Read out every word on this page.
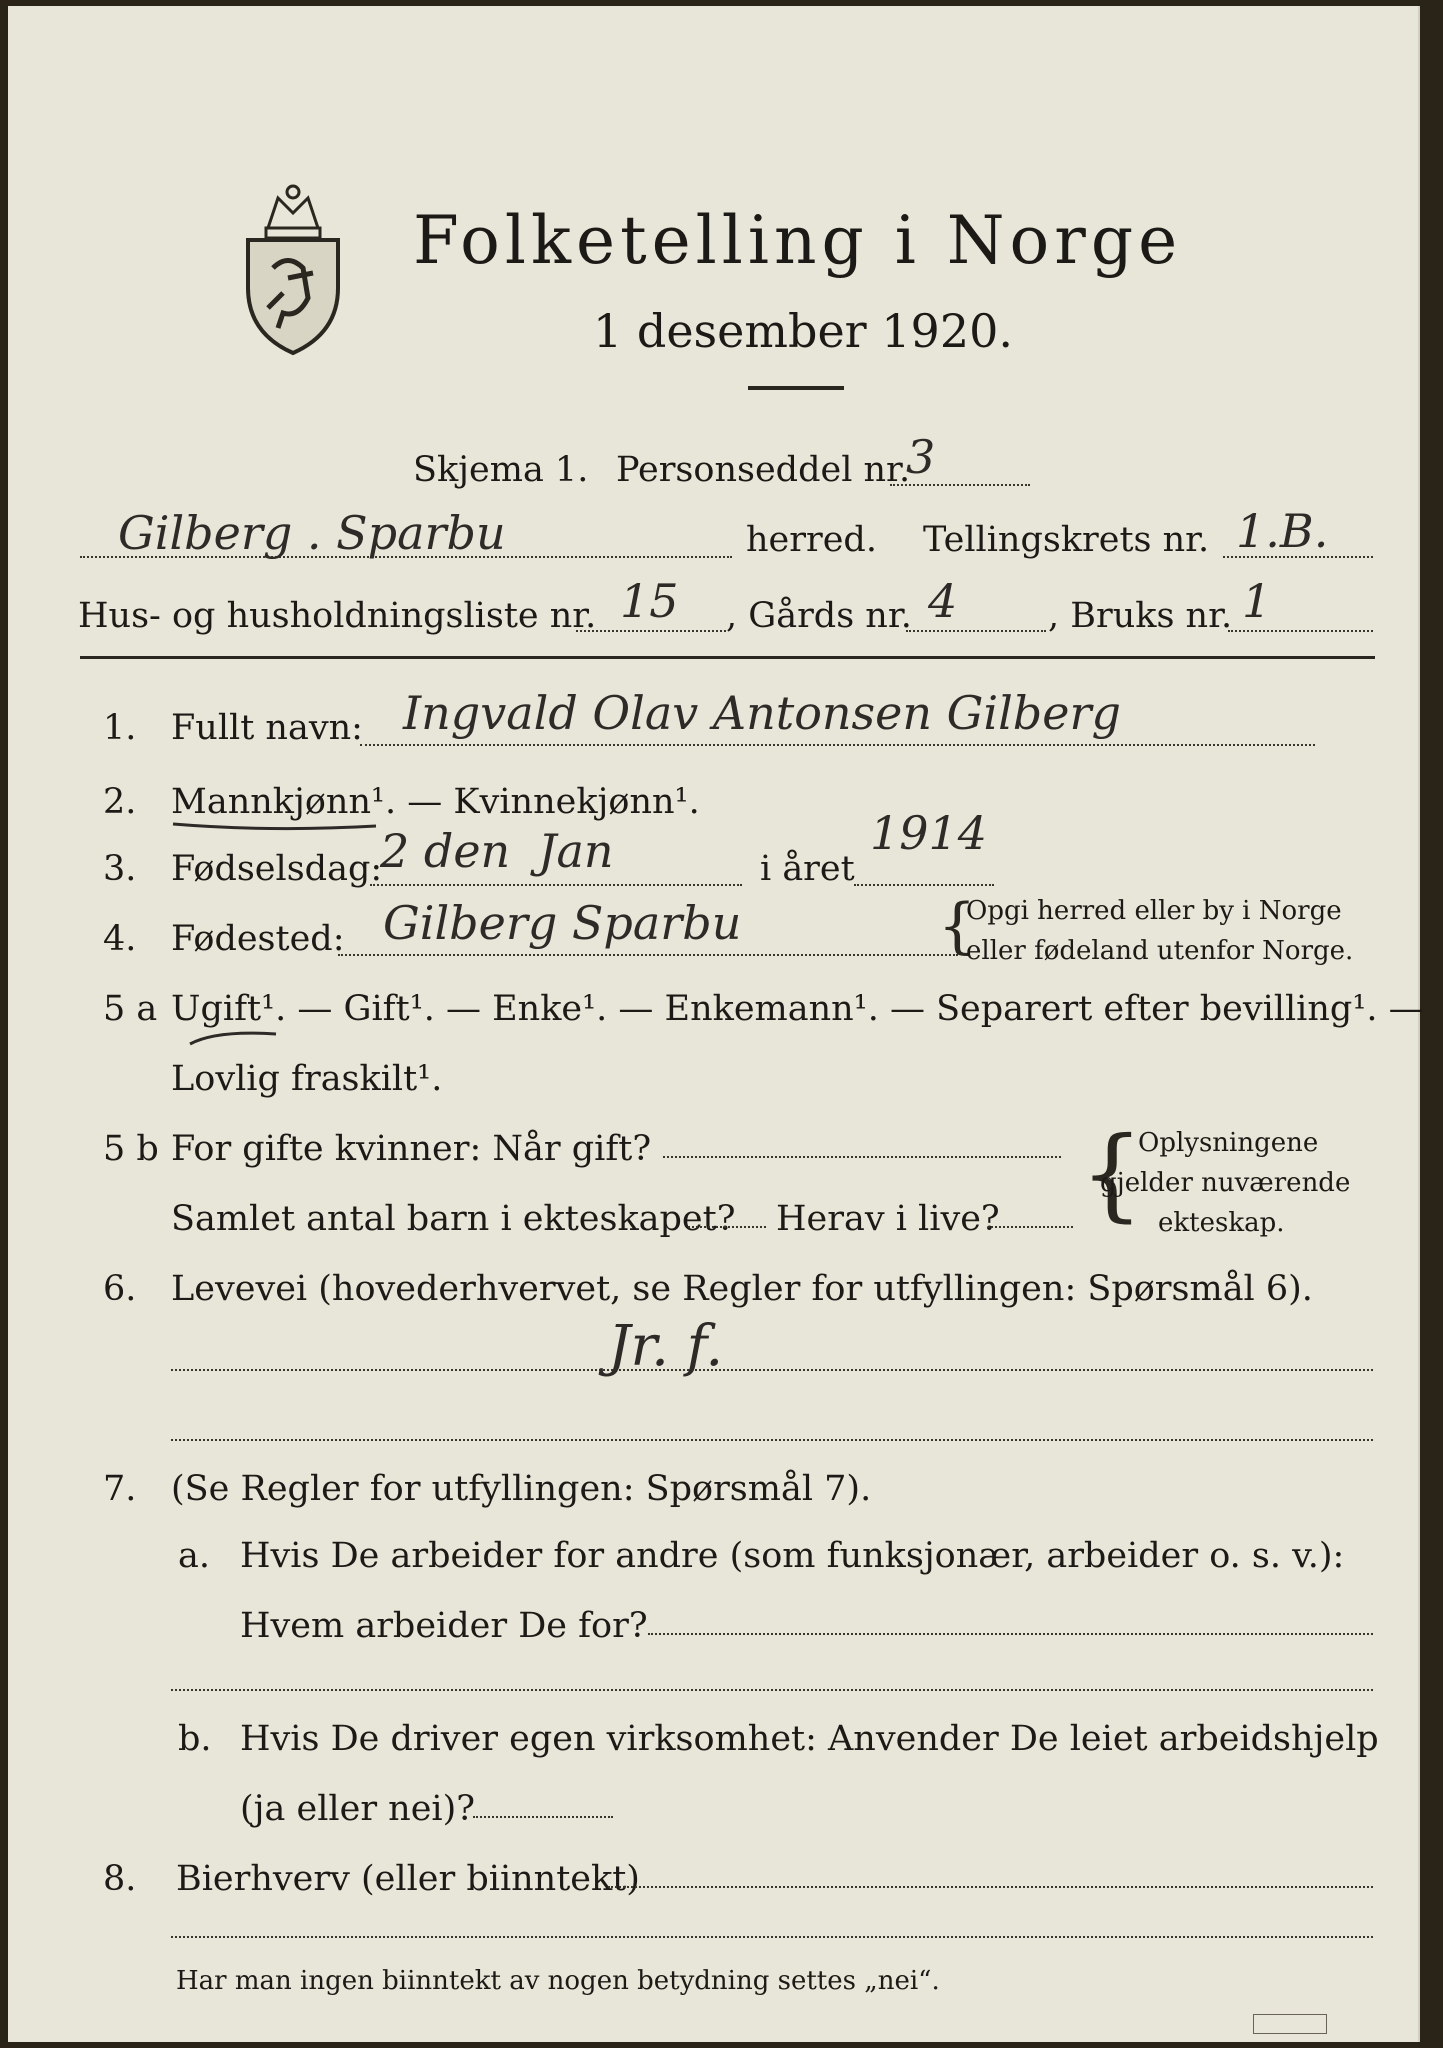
Folketelling i Norge
1 desember 1920.
Skjema 1. Personseddel nr.
3
Gilberg . Sparbu	herred. Tellingskrets nr. 1.B.
Hus- og husholdningsliste nr. 15 , Gårds nr. 4	, Bruks nr. 1
1. Fullt navn: Ingvald Olav Antonsen Gilberg
2. Mannkjønn¹. — Kvinnekjønn¹.
3. Fødselsdag:
2 den Jan	i året
1914
4. Fødested: Gilberg Sparbu	{
Opgi herred eller by i Norge
eller fødeland utenfor Norge.
5 a Ugift¹. — Gift¹. — Enke¹. — Enkemann¹. — Separert efter bevilling¹. —
Lovlig fraskilt¹.
5 b For gifte kvinner: Når gift?
Samlet antal barn i ekteskapet? Herav i live? {
Oplysningene
gjelder nuværende
ekteskap.
6. Levevei (hovederhvervet, se Regler for utfyllingen: Spørsmål 6).
Jr. f.
7. (Se Regler for utfyllingen: Spørsmål 7).
a. Hvis De arbeider for andre (som funksjonær, arbeider o. s. v.):
Hvem arbeider De for?
b. Hvis De driver egen virksomhet: Anvender De leiet arbeidshjelp
(ja eller nei)?
8. Bierhverv (eller biinntekt)
Har man ingen biinntekt av nogen betydning settes „nei“.
